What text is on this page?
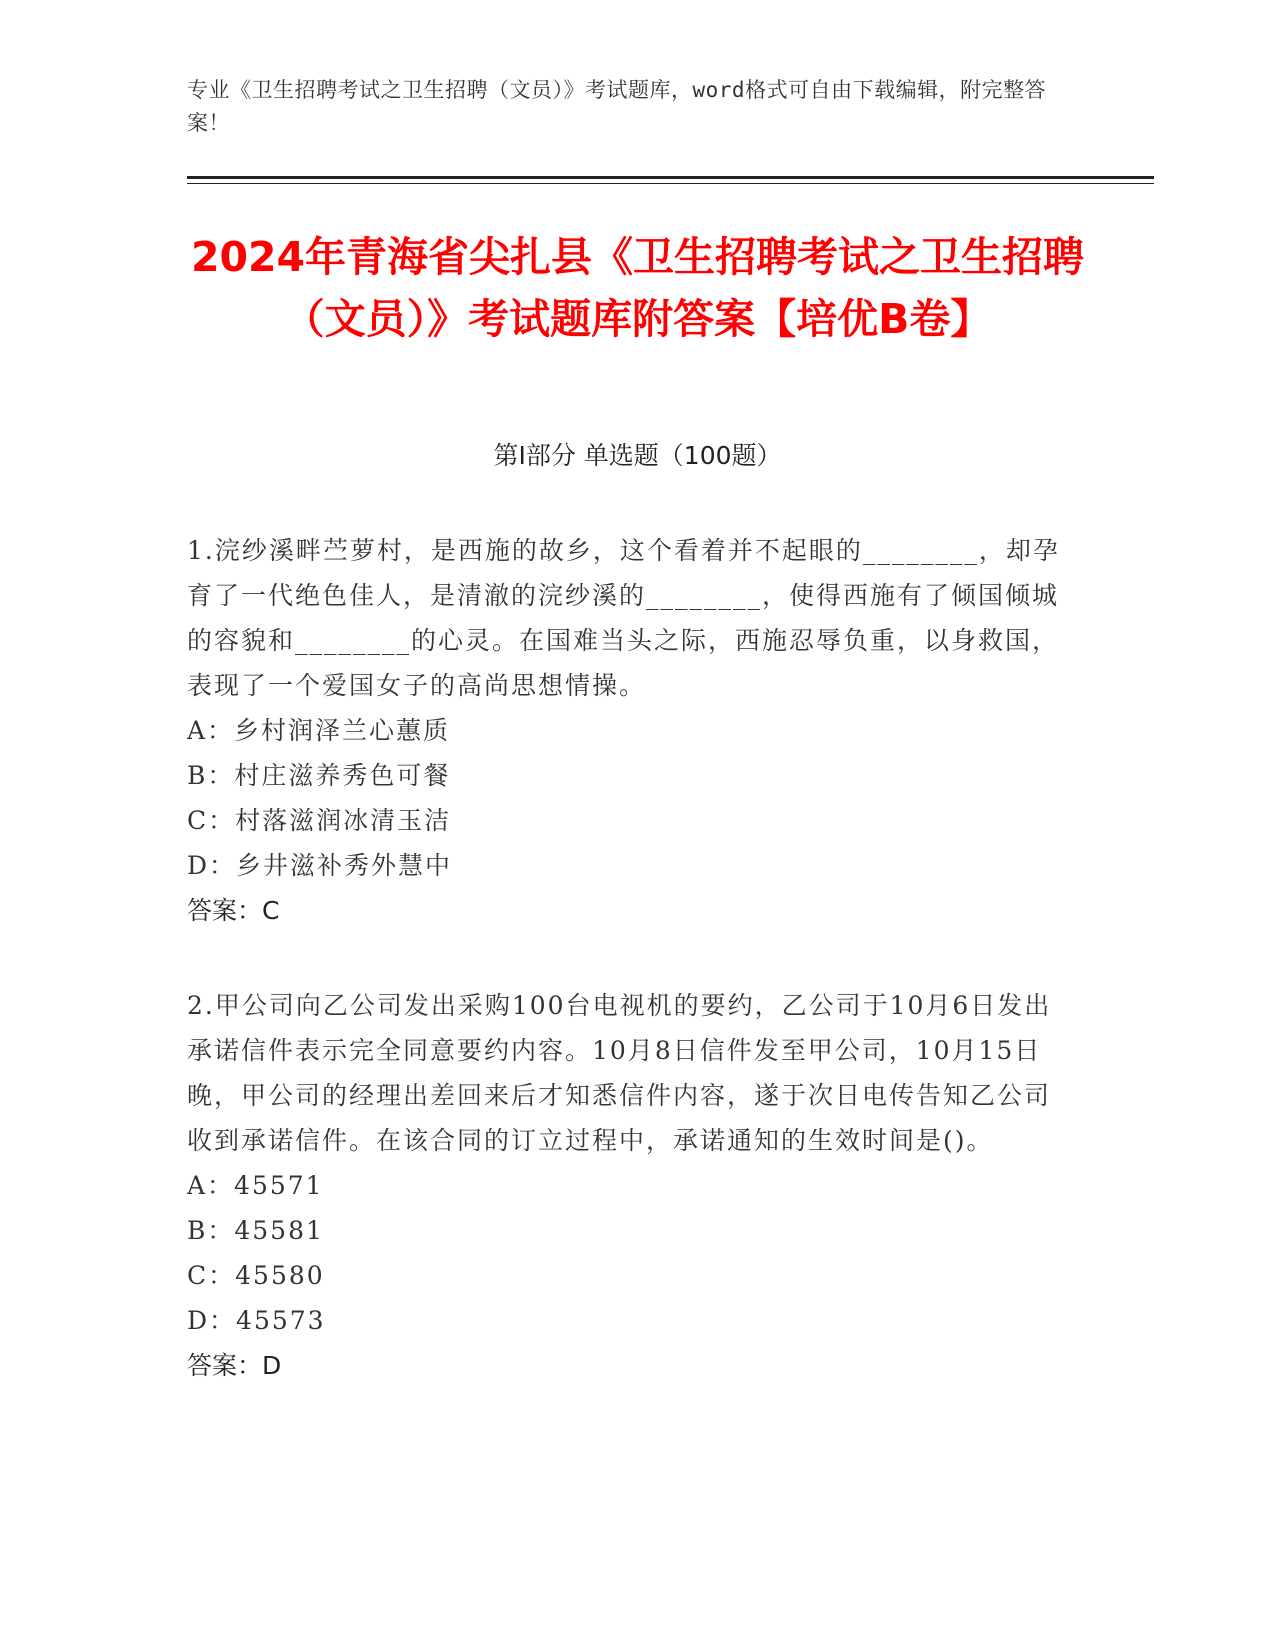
专业《卫生招聘考试之卫生招聘（文员）》考试题库，word格式可自由下载编辑，附完整答案！
2024年青海省尖扎县《卫生招聘考试之卫生招聘（文员）》考试题库附答案【培优B卷】
第Ⅰ部分 单选题（100题）
1.浣纱溪畔苎萝村，是西施的故乡，这个看着并不起眼的________，却孕育了一代绝色佳人，是清澈的浣纱溪的________，使得西施有了倾国倾城的容貌和________的心灵。在国难当头之际，西施忍辱负重，以身救国，表现了一个爱国女子的高尚思想情操。
A：乡村润泽兰心蕙质
B：村庄滋养秀色可餐
C：村落滋润冰清玉洁
D：乡井滋补秀外慧中
答案：C
2.甲公司向乙公司发出采购100台电视机的要约，乙公司于10月6日发出承诺信件表示完全同意要约内容。10月8日信件发至甲公司，10月15日晚，甲公司的经理出差回来后才知悉信件内容，遂于次日电传告知乙公司收到承诺信件。在该合同的订立过程中，承诺通知的生效时间是()。
A：45571
B：45581
C：45580
D：45573
答案：D
